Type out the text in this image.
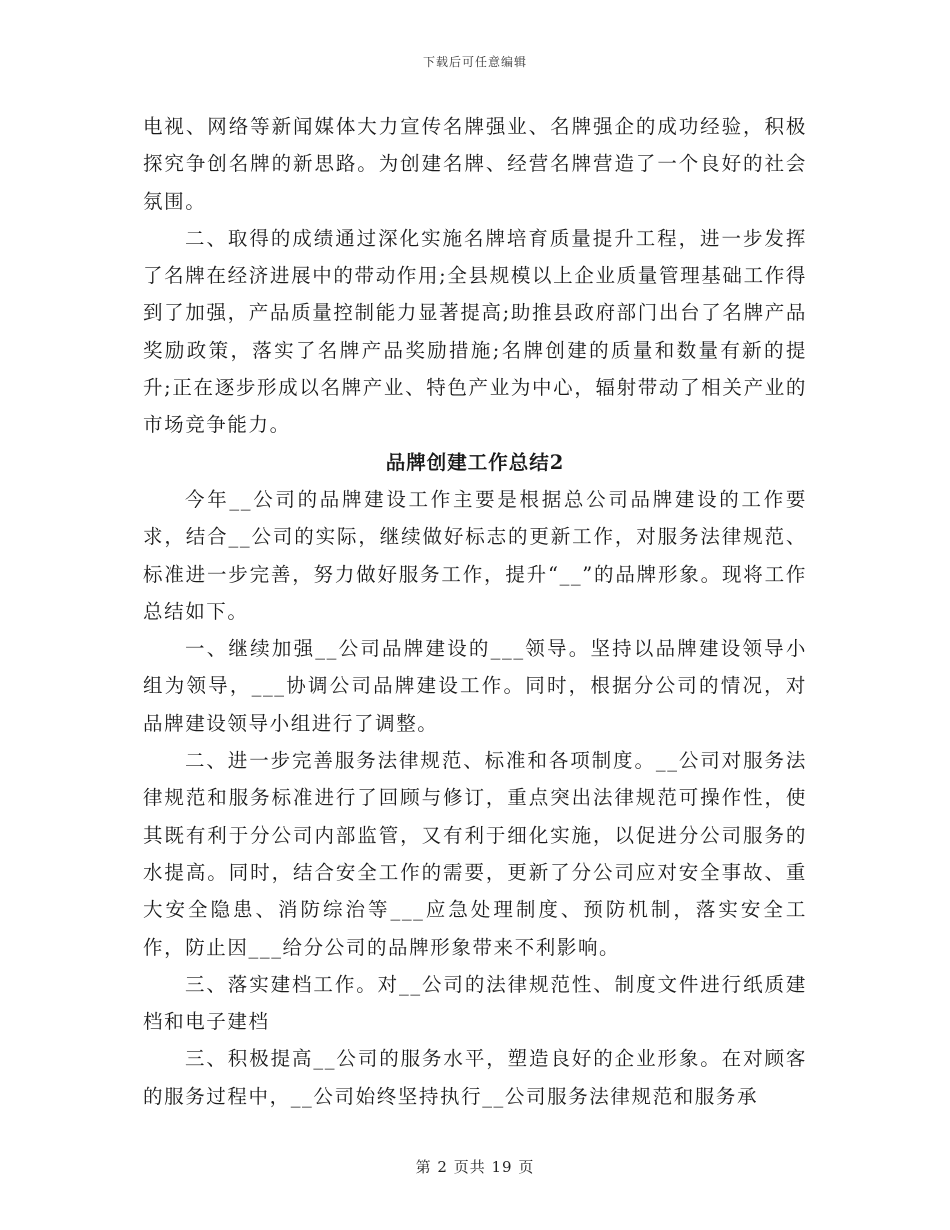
下载后可任意编辑

电视、网络等新闻媒体大力宣传名牌强业、名牌强企的成功经验，积极探究争创名牌的新思路。为创建名牌、经营名牌营造了一个良好的社会氛围。

二、取得的成绩通过深化实施名牌培育质量提升工程，进一步发挥了名牌在经济进展中的带动作用;全县规模以上企业质量管理基础工作得到了加强，产品质量控制能力显著提高;助推县政府部门出台了名牌产品奖励政策，落实了名牌产品奖励措施;名牌创建的质量和数量有新的提升;正在逐步形成以名牌产业、特色产业为中心，辐射带动了相关产业的市场竞争能力。

品牌创建工作总结2

今年__公司的品牌建设工作主要是根据总公司品牌建设的工作要求，结合__公司的实际，继续做好标志的更新工作，对服务法律规范、标准进一步完善，努力做好服务工作，提升“__”的品牌形象。现将工作总结如下。

一、继续加强__公司品牌建设的___领导。坚持以品牌建设领导小组为领导，___协调公司品牌建设工作。同时，根据分公司的情况，对品牌建设领导小组进行了调整。

二、进一步完善服务法律规范、标准和各项制度。__公司对服务法律规范和服务标准进行了回顾与修订，重点突出法律规范可操作性，使其既有利于分公司内部监管，又有利于细化实施，以促进分公司服务的水提高。同时，结合安全工作的需要，更新了分公司应对安全事故、重大安全隐患、消防综治等___应急处理制度、预防机制，落实安全工作，防止因___给分公司的品牌形象带来不利影响。

三、落实建档工作。对__公司的法律规范性、制度文件进行纸质建档和电子建档

三、积极提高__公司的服务水平，塑造良好的企业形象。在对顾客的服务过程中，__公司始终坚持执行__公司服务法律规范和服务承

第 2 页共 19 页
